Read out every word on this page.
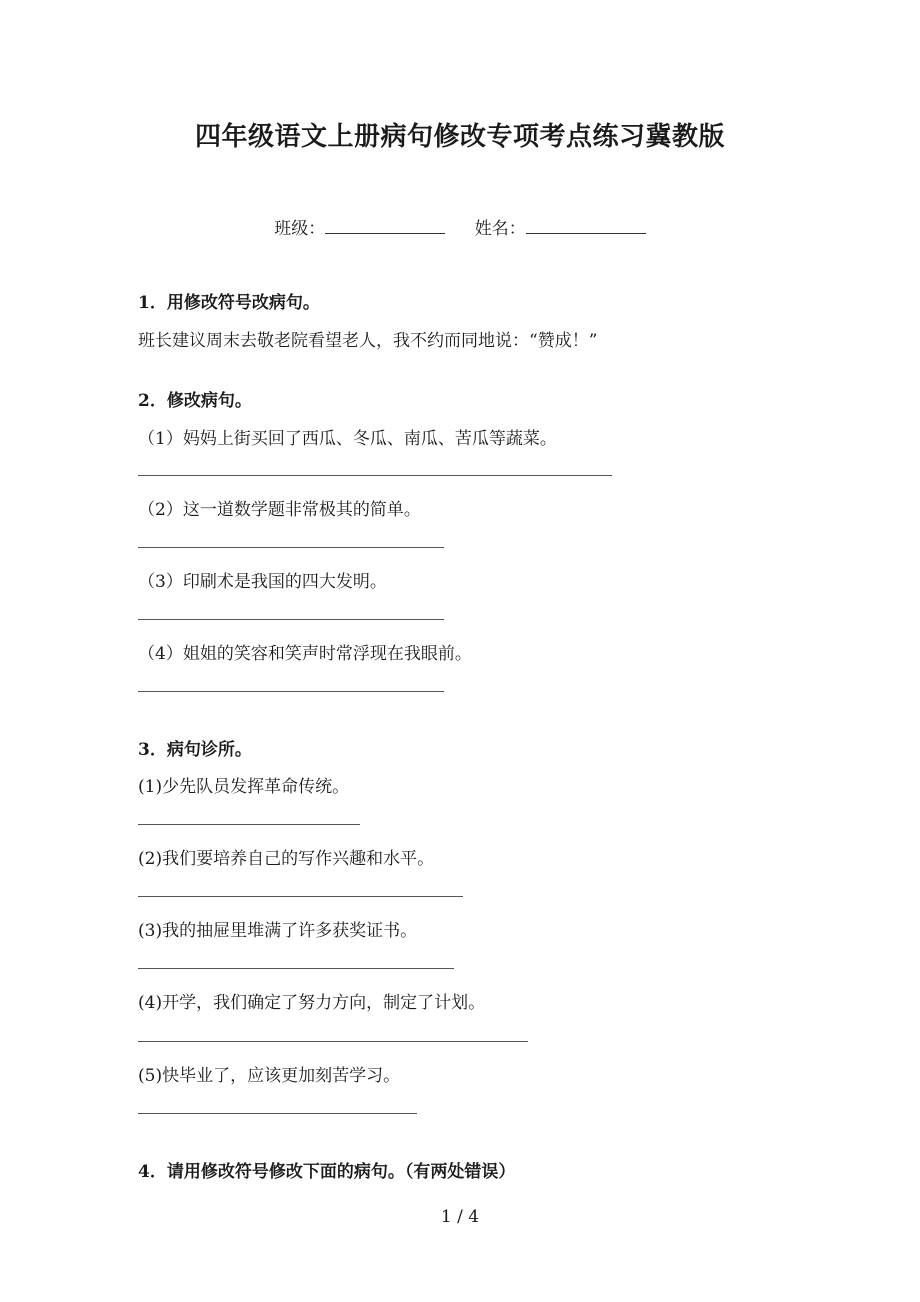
四年级语文上册病句修改专项考点练习冀教版
班级：	姓名：
1．用修改符号改病句。
班长建议周末去敬老院看望老人，我不约而同地说：“赞成！”
2．修改病句。
（1）妈妈上街买回了西瓜、冬瓜、南瓜、苦瓜等蔬菜。
（2）这一道数学题非常极其的简单。
（3）印刷术是我国的四大发明。
（4）姐姐的笑容和笑声时常浮现在我眼前。
3．病句诊所。
(1)少先队员发挥革命传统。
(2)我们要培养自己的写作兴趣和水平。
(3)我的抽屉里堆满了许多获奖证书。
(4)开学，我们确定了努力方向，制定了计划。
(5)快毕业了，应该更加刻苦学习。
4．请用修改符号修改下面的病句。（有两处错误）
1 / 4
